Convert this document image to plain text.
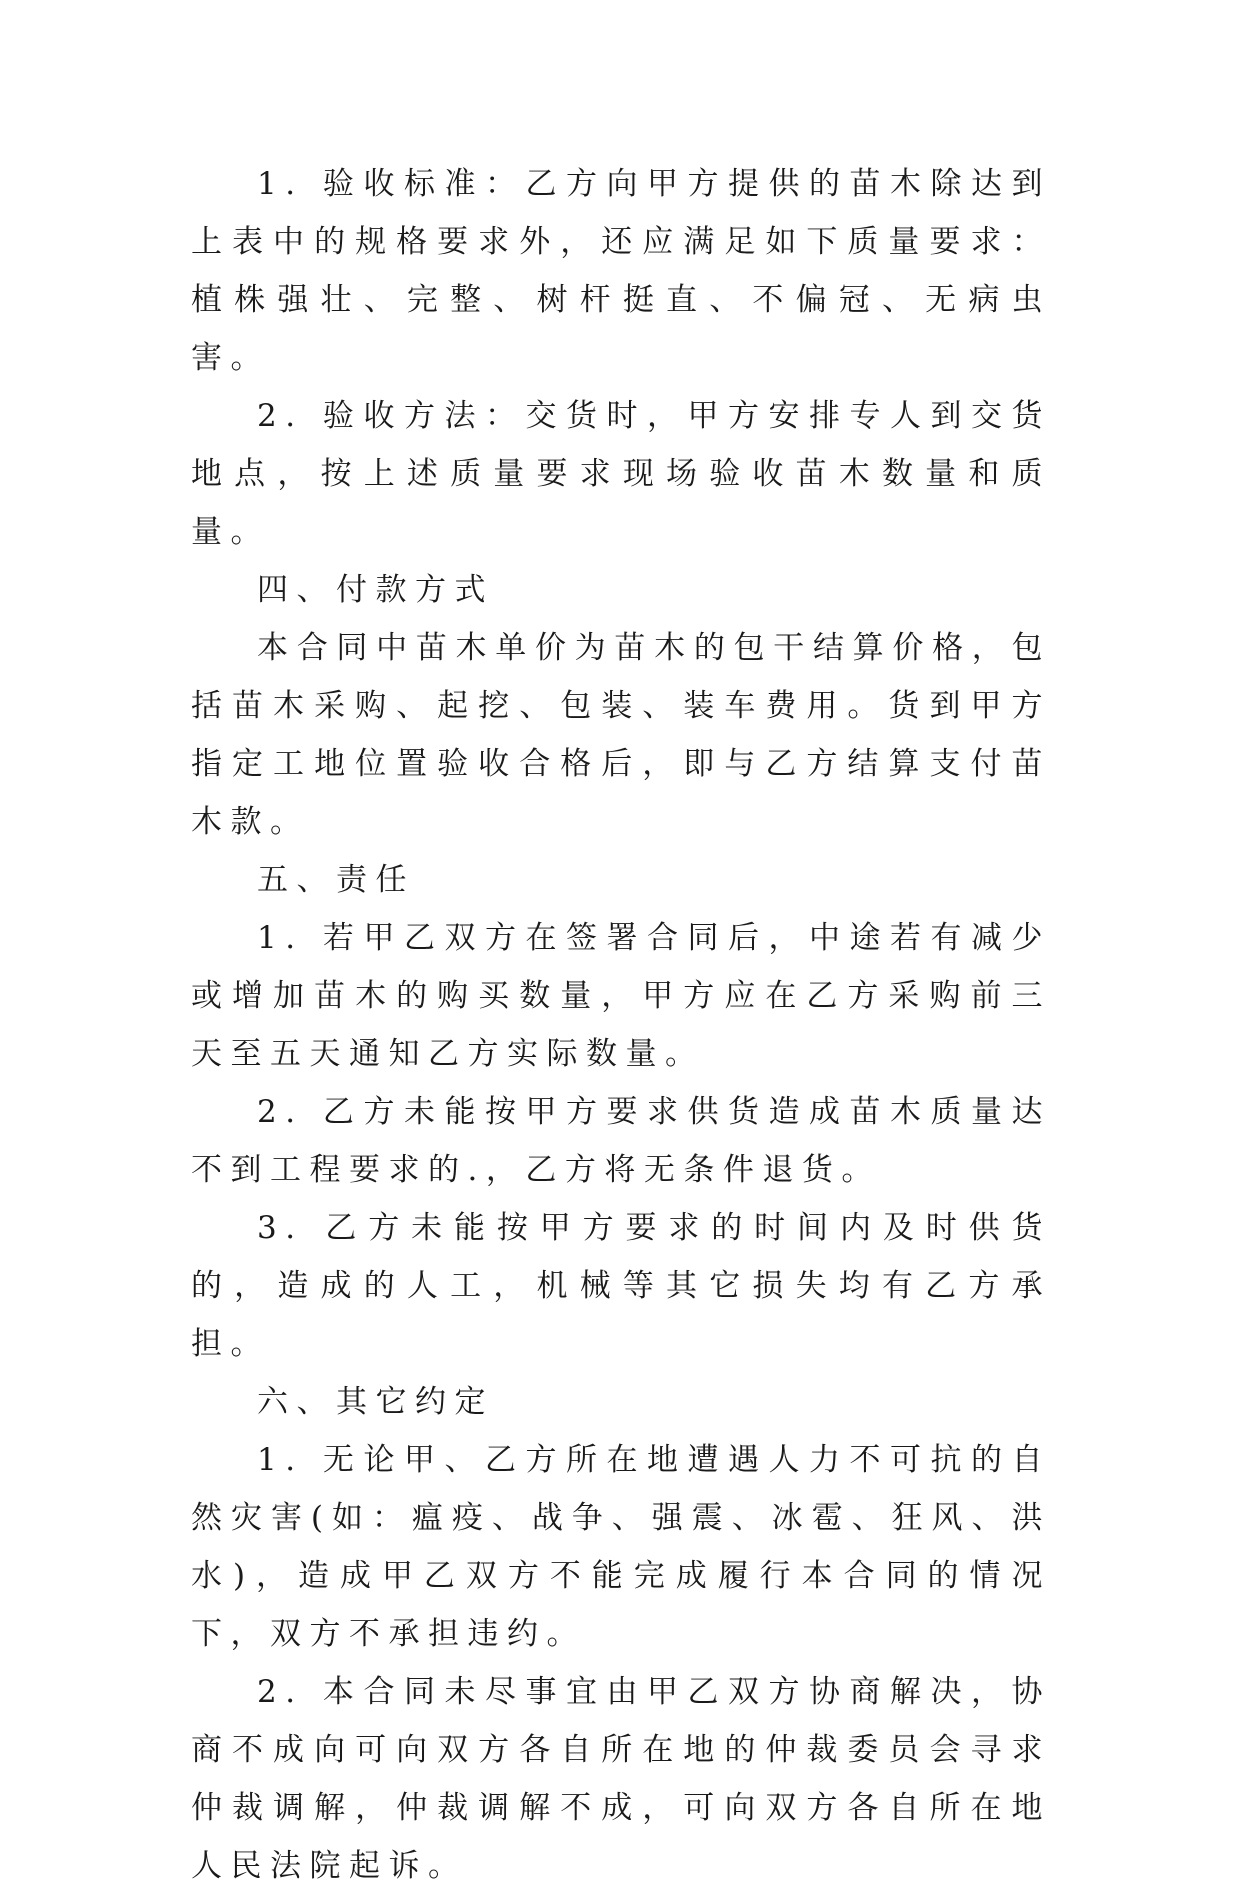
1. 验收标准：乙方向甲方提供的苗木除达到上表中的规格要求外，还应满足如下质量要求：植株强壮、完整、树杆挺直、不偏冠、无病虫害。

2. 验收方法：交货时，甲方安排专人到交货地点，按上述质量要求现场验收苗木数量和质量。

四、付款方式

本合同中苗木单价为苗木的包干结算价格，包括苗木采购、起挖、包装、装车费用。货到甲方指定工地位置验收合格后，即与乙方结算支付苗木款。

五、责任

1. 若甲乙双方在签署合同后，中途若有减少或增加苗木的购买数量，甲方应在乙方采购前三天至五天通知乙方实际数量。

2. 乙方未能按甲方要求供货造成苗木质量达不到工程要求的.，乙方将无条件退货。

3. 乙方未能按甲方要求的时间内及时供货的，造成的人工，机械等其它损失均有乙方承担。

六、其它约定

1. 无论甲、乙方所在地遭遇人力不可抗的自然灾害(如：瘟疫、战争、强震、冰雹、狂风、洪水)，造成甲乙双方不能完成履行本合同的情况下，双方不承担违约。

2. 本合同未尽事宜由甲乙双方协商解决，协商不成向可向双方各自所在地的仲裁委员会寻求仲裁调解，仲裁调解不成，可向双方各自所在地人民法院起诉。
